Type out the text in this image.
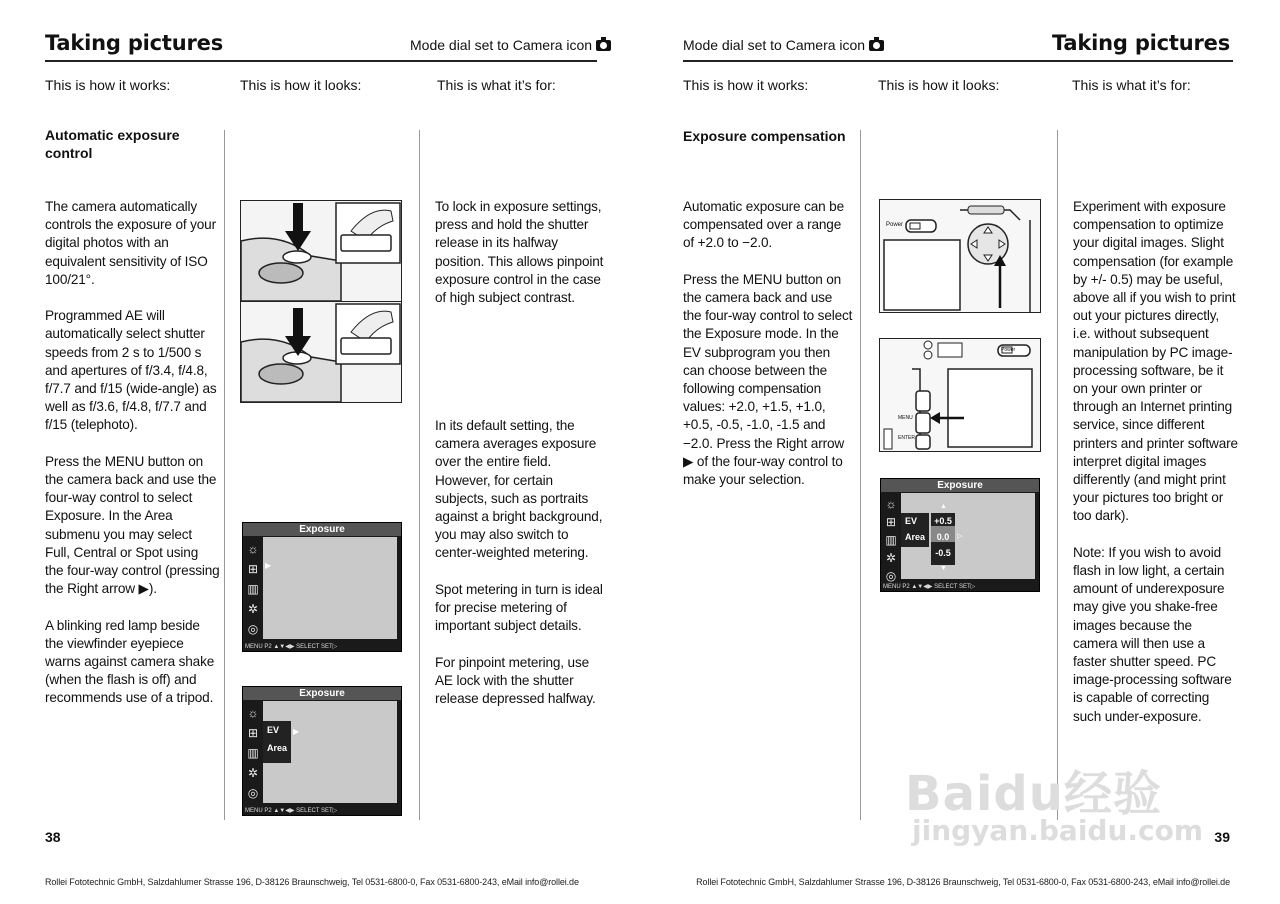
Taking pictures	Mode dial set to Camera icon
This is how it works:	This is how it looks:	This is what it’s for:
Automatic exposure control

The camera automatically controls the exposure of your digital photos with an equivalent sensitivity of ISO 100/21°.

Programmed AE will automatically select shutter speeds from 2 s to 1/500 s and apertures of f/3.4, f/4.8, f/7.7 and f/15 (wide-angle) as well as f/3.6, f/4.8, f/7.7 and f/15 (telephoto).

Press the MENU button on the camera back and use the four-way control to select Exposure. In the Area submenu you may select Full, Central or Spot using the four-way control (pressing the Right arrow ▶).

A blinking red lamp beside the viewfinder eyepiece warns against camera shake (when the flash is off) and recommends use of a tripod.

Exposure
☼
⊞
▥
✲
◎
▶
MENU P2 ▲▼◀▶ SELECT SET▷
Exposure
☼
⊞
▥
✲
◎
EV
Area
▶
MENU P2 ▲▼◀▶ SELECT SET▷

To lock in exposure settings, press and hold the shutter release in its halfway position. This allows pinpoint exposure control in the case of high subject contrast.

In its default setting, the camera averages exposure over the entire field. However, for certain subjects, such as portraits against a bright background, you may also switch to center-weighted metering.

Spot metering in turn is ideal for precise metering of important subject details.

For pinpoint metering, use AE lock with the shutter release depressed halfway.

38
Rollei Fototechnic GmbH, Salzdahlumer Strasse 196, D-38126 Braunschweig, Tel 0531-6800-0, Fax 0531-6800-243, eMail info@rollei.de
Mode dial set to Camera icon	Taking pictures
This is how it works:	This is how it looks:	This is what it’s for:
Exposure compensation

Automatic exposure can be compensated over a range of +2.0 to −2.0.

Press the MENU button on the camera back and use the four-way control to select the Exposure mode. In the EV subprogram you then can choose between the following compensation values: +2.0, +1.5, +1.0, +0.5, -0.5, -1.0, -1.5 and −2.0. Press the Right arrow ▶ of the four-way control to make your selection.

Power
Power
MENU
ENTER
Exposure
☼
⊞
▥
✲
◎
EV
Area
▲
+0.5
0.0
-0.5
▷
▼
MENU P2 ▲▼◀▶ SELECT SET▷

Experiment with exposure compensation to optimize your digital images. Slight compensation (for example by +/- 0.5) may be useful, above all if you wish to print out your pictures directly, i.e. without subsequent manipulation by PC image-processing software, be it on your own printer or through an Internet printing service, since different printers and printer software interpret digital images differently (and might print your pictures too bright or too dark).

Note: If you wish to avoid flash in low light, a certain amount of underexposure may give you shake-free images because the camera will then use a faster shutter speed. PC image-processing software is capable of correcting such under-exposure.

Baidu经验
jingyan.baidu.com 39
Rollei Fototechnic GmbH, Salzdahlumer Strasse 196, D-38126 Braunschweig, Tel 0531-6800-0, Fax 0531-6800-243, eMail info@rollei.de
